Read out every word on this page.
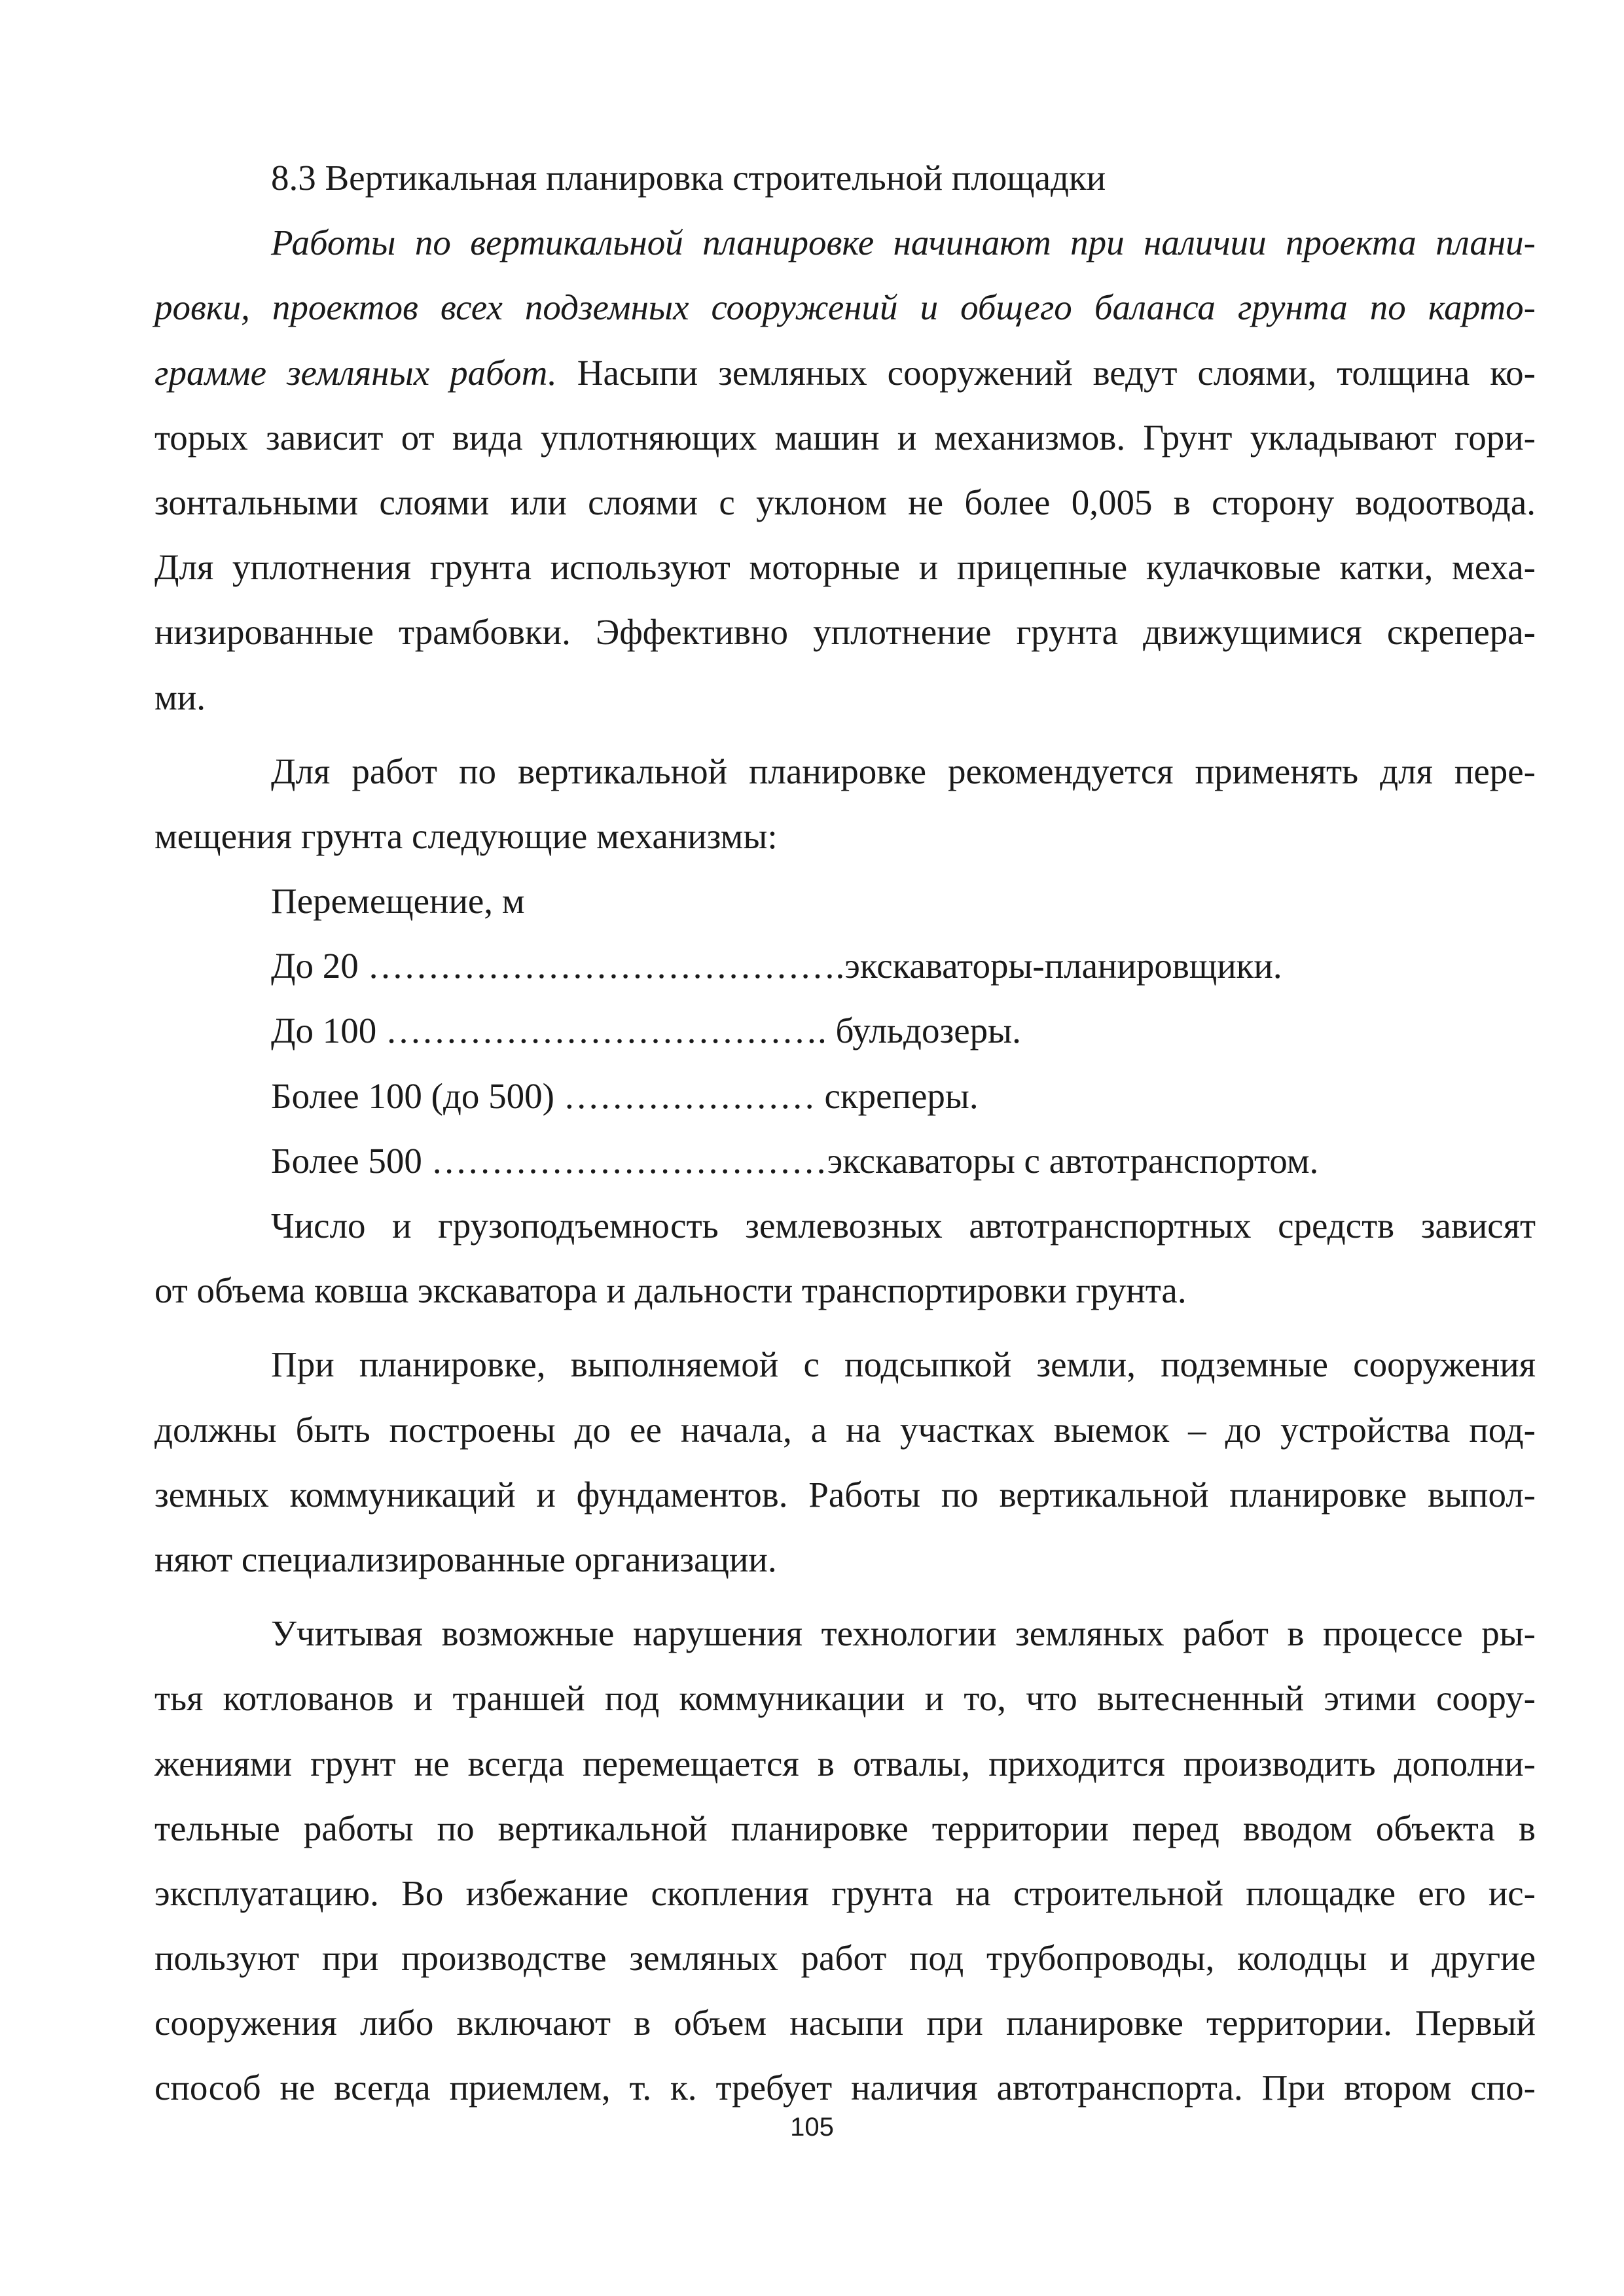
8.3 Вертикальная планировка строительной площадки
Работы по вертикальной планировке начинают при наличии проекта плани-
ровки, проектов всех подземных сооружений и общего баланса грунта по карто-
грамме земляных работ. Насыпи земляных сооружений ведут слоями, толщина ко-
торых зависит от вида уплотняющих машин и механизмов. Грунт укладывают гори-
зонтальными слоями или слоями с уклоном не более 0,005 в сторону водоотвода.
Для уплотнения грунта используют моторные и прицепные кулачковые катки, меха-
низированные трамбовки. Эффективно уплотнение грунта движущимися скрепера-
ми.
Для работ по вертикальной планировке рекомендуется применять для пере-
мещения грунта следующие механизмы:
Перемещение, м
До 20 ………………………………….экскаваторы-планировщики.
До 100 ………………………………. бульдозеры.
Более 100 (до 500) ………………… скреперы.
Более 500 ……………………………экскаваторы с автотранспортом.
Число и грузоподъемность землевозных автотранспортных средств зависят
от объема ковша экскаватора и дальности транспортировки грунта.
При планировке, выполняемой с подсыпкой земли, подземные сооружения
должны быть построены до ее начала, а на участках выемок – до устройства под-
земных коммуникаций и фундаментов. Работы по вертикальной планировке выпол-
няют специализированные организации.
Учитывая возможные нарушения технологии земляных работ в процессе ры-
тья котлованов и траншей под коммуникации и то, что вытесненный этими соору-
жениями грунт не всегда перемещается в отвалы, приходится производить дополни-
тельные работы по вертикальной планировке территории перед вводом объекта в
эксплуатацию. Во избежание скопления грунта на строительной площадке его ис-
пользуют при производстве земляных работ под трубопроводы, колодцы и другие
сооружения либо включают в объем насыпи при планировке территории. Первый
способ не всегда приемлем, т. к. требует наличия автотранспорта. При втором спо-
105
